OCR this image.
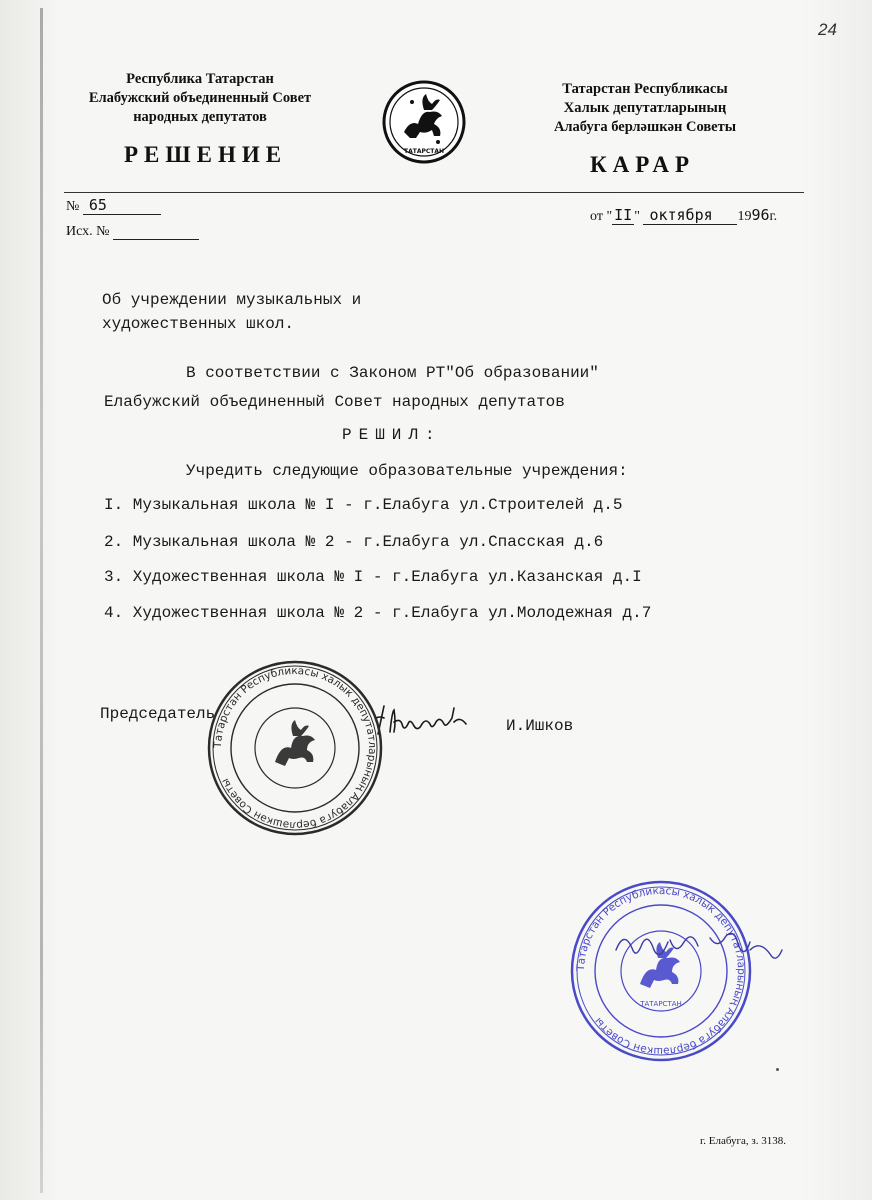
24
Республика Татарстан
Елабужский объединенный Совет
народных депутатов
РЕШЕНИЕ
Татарстан Республикасы
Халык депутатларының
Алабуга берләшкән Советы
КАРАР
ТАТАРСТАН
№ 65
Исх. №
от " II " октября 1996г.
Об учреждении музыкальных и
художественных школ.
В соответствии с Законом РТ"Об образовании"
Елабужский объединенный Совет народных депутатов
РЕШИЛ:
Учредить следующие образовательные учреждения:
I. Музыкальная школа № I - г.Елабуга ул.Строителей д.5
2. Музыкальная школа № 2 - г.Елабуга ул.Спасская д.6
3. Художественная школа № I - г.Елабуга ул.Казанская д.I
4. Художественная школа № 2 - г.Елабуга ул.Молодежная д.7
Председатель
И.Ишков
Татарстан Республикасы халык депутатларының Алабуга берләшкән Советы
Татарстан Республикасы халык депутатларының Алабуга берләшкән Советы
ТАТАРСТАН
г. Елабуга, з. 3138.
